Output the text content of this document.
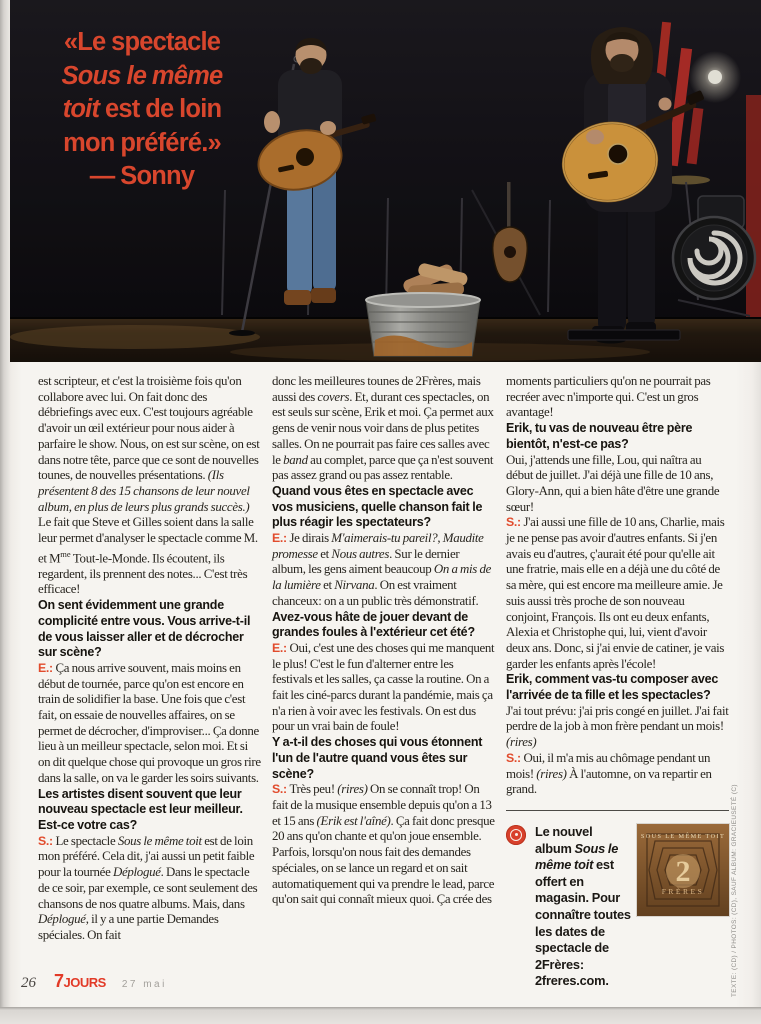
«Le spectacle

Sous le même

toit est de loin

mon préféré.»

— Sonny

est scripteur, et c'est la troisième fois qu'on collabore avec lui. On fait donc des débriefings avec eux. C'est toujours agréable d'avoir un œil extérieur pour nous aider à parfaire le show. Nous, on est sur scène, on est dans notre tête, parce que ce sont de nouvelles tounes, de nouvelles présentations. (Ils présentent 8 des 15 chansons de leur nouvel album, en plus de leurs plus grands succès.) Le fait que Steve et Gilles soient dans la salle leur permet d'analyser le spectacle comme M. et $M^{me}$ Tout-le-Monde. Ils écoutent, ils regardent, ils prennent des notes... C'est très efficace!

On sent évidemment une grande complicité entre vous. Vous arrive-t-il de vous laisser aller et de décrocher sur scène?

E.: Ça nous arrive souvent, mais moins en début de tournée, parce qu'on est encore en train de solidifier la base. Une fois que c'est fait, on essaie de nouvelles affaires, on se permet de décrocher, d'improviser... Ça donne lieu à un meilleur spectacle, selon moi. Et si on dit quelque chose qui provoque un gros rire dans la salle, on va le garder les soirs suivants.

Les artistes disent souvent que leur nouveau spectacle est leur meilleur. Est-ce votre cas?

S.: Le spectacle Sous le même toit est de loin mon préféré. Cela dit, j'ai aussi un petit faible pour la tournée Déplogué. Dans le spectacle de ce soir, par exemple, ce sont seulement des chansons de nos quatre albums. Mais, dans Déplogué, il y a une partie Demandes spéciales. On fait

donc les meilleures tounes de 2Frères, mais aussi des covers. Et, durant ces spectacles, on est seuls sur scène, Erik et moi. Ça permet aux gens de venir nous voir dans de plus petites salles. On ne pourrait pas faire ces salles avec le band au complet, parce que ça n'est souvent pas assez grand ou pas assez rentable.

Quand vous êtes en spectacle avec vos musiciens, quelle chanson fait le plus réagir les spectateurs?

E.: Je dirais M'aimerais-tu pareil?, Maudite promesse et Nous autres. Sur le dernier album, les gens aiment beaucoup On a mis de la lumière et Nirvana. On est vraiment chanceux: on a un public très démonstratif.

Avez-vous hâte de jouer devant de grandes foules à l'extérieur cet été?

E.: Oui, c'est une des choses qui me manquent le plus! C'est le fun d'alterner entre les festivals et les salles, ça casse la routine. On a fait les ciné-parcs durant la pandémie, mais ça n'a rien à voir avec les festivals. On est dus pour un vrai bain de foule!

Y a-t-il des choses qui vous étonnent l'un de l'autre quand vous êtes sur scène?

S.: Très peu! (rires) On se connaît trop! On fait de la musique ensemble depuis qu'on a 13 et 15 ans (Erik est l'aîné). Ça fait donc presque 20 ans qu'on chante et qu'on joue ensemble. Parfois, lorsqu'on nous fait des demandes spéciales, on se lance un regard et on sait automatiquement qui va prendre le lead, parce qu'on sait qui connaît mieux quoi. Ça crée des

moments particuliers qu'on ne pourrait pas recréer avec n'importe qui. C'est un gros avantage!

Erik, tu vas de nouveau être père bientôt, n'est-ce pas?

Oui, j'attends une fille, Lou, qui naîtra au début de juillet. J'ai déjà une fille de 10 ans, Glory-Ann, qui a bien hâte d'être une grande sœur!

S.: J'ai aussi une fille de 10 ans, Charlie, mais je ne pense pas avoir d'autres enfants. Si j'en avais eu d'autres, ç'aurait été pour qu'elle ait une fratrie, mais elle en a déjà une du côté de sa mère, qui est encore ma meilleure amie. Je suis aussi très proche de son nouveau conjoint, François. Ils ont eu deux enfants, Alexia et Christophe qui, lui, vient d'avoir deux ans. Donc, si j'ai envie de catiner, je vais garder les enfants après l'école!

Erik, comment vas-tu composer avec l'arrivée de ta fille et les spectacles?

J'ai tout prévu: j'ai pris congé en juillet. J'ai fait perdre de la job à mon frère pendant un mois! (rires)

S.: Oui, il m'a mis au chômage pendant un mois! (rires) À l'automne, on va repartir en grand.

Le nouvel album Sous le même toit est offert en magasin. Pour connaître toutes les dates de spectacle de 2Frères: 2freres.com.

SOUS LE MÊME TOIT
2
FRÈRES
26 7JOURS 27 mai	TEXTE: (CD) / PHOTOS: (CD), SAUF ALBUM: GRACIEUSETÉ (C)
